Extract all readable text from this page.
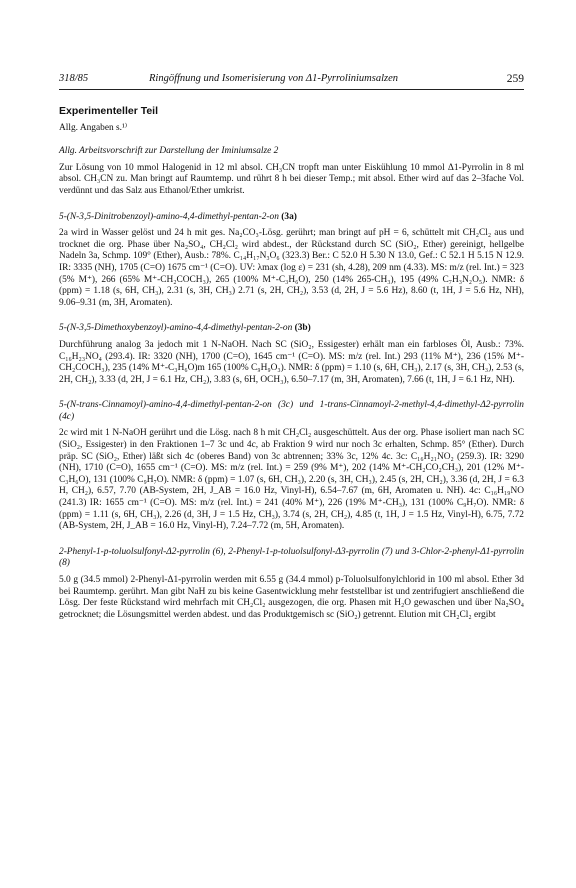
318/85	Ringöffnung und Isomerisierung von Δ1-Pyrroliniumsalzen	259

Experimenteller Teil

Allg. Angaben s.¹⁾

Allg. Arbeitsvorschrift zur Darstellung der Iminiumsalze 2

Zur Lösung von 10 mmol Halogenid in 12 ml absol. CH₃CN tropft man unter Eiskühlung 10 mmol Δ1-Pyrrolin in 8 ml absol. CH₃CN zu. Man bringt auf Raumtemp. und rührt 8 h bei dieser Temp.; mit absol. Ether wird auf das 2–3fache Vol. verdünnt und das Salz aus Ethanol/Ether umkrist.

5-(N-3,5-Dinitrobenzoyl)-amino-4,4-dimethyl-pentan-2-on (3a)

2a wird in Wasser gelöst und 24 h mit ges. Na₂CO₃-Lösg. gerührt; man bringt auf pH = 6, schüttelt mit CH₂Cl₂ aus und trocknet die org. Phase über Na₂SO₄, CH₂Cl₂ wird abdest., der Rückstand durch SC (SiO₂, Ether) gereinigt, hellgelbe Nadeln 3a, Schmp. 109° (Ether), Ausb.: 78%. C₁₄H₁₇N₃O₆ (323.3) Ber.: C 52.0 H 5.30 N 13.0, Gef.: C 52.1 H 5.15 N 12.9. IR: 3335 (NH), 1705 (C=O) 1675 cm⁻¹ (C=O). UV: λmax (log ε) = 231 (sh, 4.28), 209 nm (4.33). MS: m/z (rel. Int.) = 323 (5% M⁺), 266 (65% M⁺-CH₂COCH₃), 265 (100% M⁺-C₃H₆O), 250 (14% 265-CH₃), 195 (49% C₇H₃N₂O₅). NMR: δ (ppm) = 1.18 (s, 6H, CH₃), 2.31 (s, 3H, CH₃) 2.71 (s, 2H, CH₂), 3.53 (d, 2H, J = 5.6 Hz), 8.60 (t, 1H, J = 5.6 Hz, NH), 9.06–9.31 (m, 3H, Aromaten).

5-(N-3,5-Dimethoxybenzoyl)-amino-4,4-dimethyl-pentan-2-on (3b)

Durchführung analog 3a jedoch mit 1 N-NaOH. Nach SC (SiO₂, Essigester) erhält man ein farbloses Öl, Ausb.: 73%. C₁₆H₂₃NO₄ (293.4). IR: 3320 (NH), 1700 (C=O), 1645 cm⁻¹ (C=O). MS: m/z (rel. Int.) 293 (11% M⁺), 236 (15% M⁺-CH₂COCH₃), 235 (14% M⁺-C₃H₆O)m 165 (100% C₉H₉O₃). NMR: δ (ppm) = 1.10 (s, 6H, CH₃), 2.17 (s, 3H, CH₃), 2.53 (s, 2H, CH₂), 3.33 (d, 2H, J = 6.1 Hz, CH₂), 3.83 (s, 6H, OCH₃), 6.50–7.17 (m, 3H, Aromaten), 7.66 (t, 1H, J = 6.1 Hz, NH).

5-(N-trans-Cinnamoyl)-amino-4,4-dimethyl-pentan-2-on (3c) und 1-trans-Cinnamoyl-2-methyl-4,4-dimethyl-Δ2-pyrrolin (4c)

2c wird mit 1 N-NaOH gerührt und die Lösg. nach 8 h mit CH₂Cl₂ ausgeschüttelt. Aus der org. Phase isoliert man nach SC (SiO₂, Essigester) in den Fraktionen 1–7 3c und 4c, ab Fraktion 9 wird nur noch 3c erhalten, Schmp. 85° (Ether). Durch präp. SC (SiO₂, Ether) läßt sich 4c (oberes Band) von 3c abtrennen; 33% 3c, 12% 4c. 3c: C₁₆H₂₁NO₂ (259.3). IR: 3290 (NH), 1710 (C=O), 1655 cm⁻¹ (C=O). MS: m/z (rel. Int.) = 259 (9% M⁺), 202 (14% M⁺-CH₂CO₂CH₃), 201 (12% M⁺-C₃H₆O), 131 (100% C₉H₇O). NMR: δ (ppm) = 1.07 (s, 6H, CH₃), 2.20 (s, 3H, CH₃), 2.45 (s, 2H, CH₂), 3.36 (d, 2H, J = 6.3 H, CH₂), 6.57, 7.70 (AB-System, 2H, J_AB = 16.0 Hz, Vinyl-H), 6.54–7.67 (m, 6H, Aromaten u. NH). 4c: C₁₆H₁₉NO (241.3) IR: 1655 cm⁻¹ (C=O). MS: m/z (rel. Int.) = 241 (40% M⁺), 226 (19% M⁺-CH₃), 131 (100% C₉H₇O). NMR: δ (ppm) = 1.11 (s, 6H, CH₃), 2.26 (d, 3H, J = 1.5 Hz, CH₃), 3.74 (s, 2H, CH₂), 4.85 (t, 1H, J = 1.5 Hz, Vinyl-H), 6.75, 7.72 (AB-System, 2H, J_AB = 16.0 Hz, Vinyl-H), 7.24–7.72 (m, 5H, Aromaten).

2-Phenyl-1-p-toluolsulfonyl-Δ2-pyrrolin (6), 2-Phenyl-1-p-toluolsulfonyl-Δ3-pyrrolin (7) und 3-Chlor-2-phenyl-Δ1-pyrrolin (8)

5.0 g (34.5 mmol) 2-Phenyl-Δ1-pyrrolin werden mit 6.55 g (34.4 mmol) p-Toluolsulfonylchlorid in 100 ml absol. Ether 3d bei Raumtemp. gerührt. Man gibt NaH zu bis keine Gasentwicklung mehr feststellbar ist und zentrifugiert anschließend die Lösg. Der feste Rückstand wird mehrfach mit CH₂Cl₂ ausgezogen, die org. Phasen mit H₂O gewaschen und über Na₂SO₄ getrocknet; die Lösungsmittel werden abdest. und das Produktgemisch sc (SiO₂) getrennt. Elution mit CH₂Cl₂ ergibt
